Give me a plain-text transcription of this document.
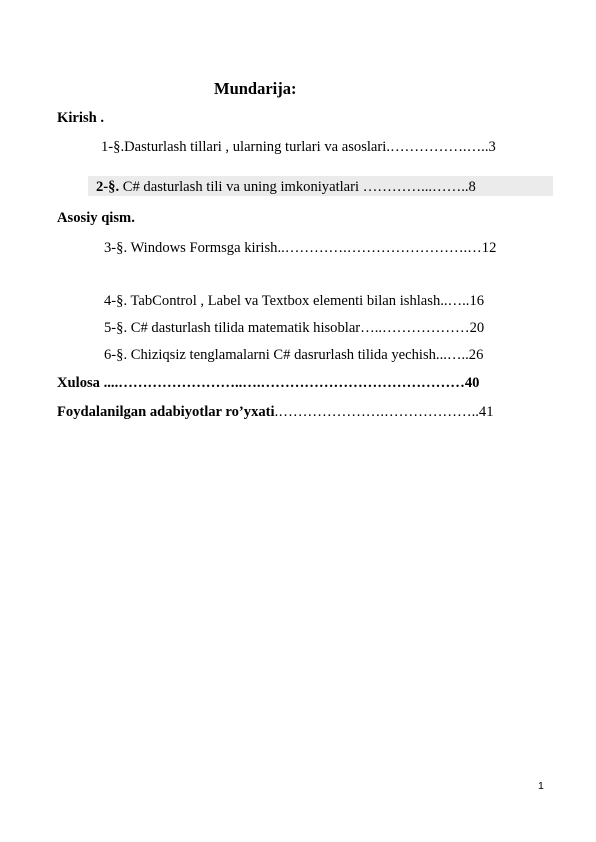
Mundarija:
Kirish .
1-§.Dasturlash tillari , ularning turlari va asoslari.…………….…..3
2-§. C# dasturlash tili va uning imkoniyatlari …………...……..8
Asosiy qism.
3-§. Windows Formsga kirish..………….…………………….…12
4-§. TabControl , Label va Textbox elementi bilan ishlash..…..16
5-§. C# dasturlash tilida matematik hisoblar…..………………20
6-§. Chiziqsiz tenglamalarni C# dasrurlash tilida yechish...…..26
Xulosa ....……………………..….……………………………………40
Foydalanilgan adabiyotlar ro’yxati.………………….………………..41
1
